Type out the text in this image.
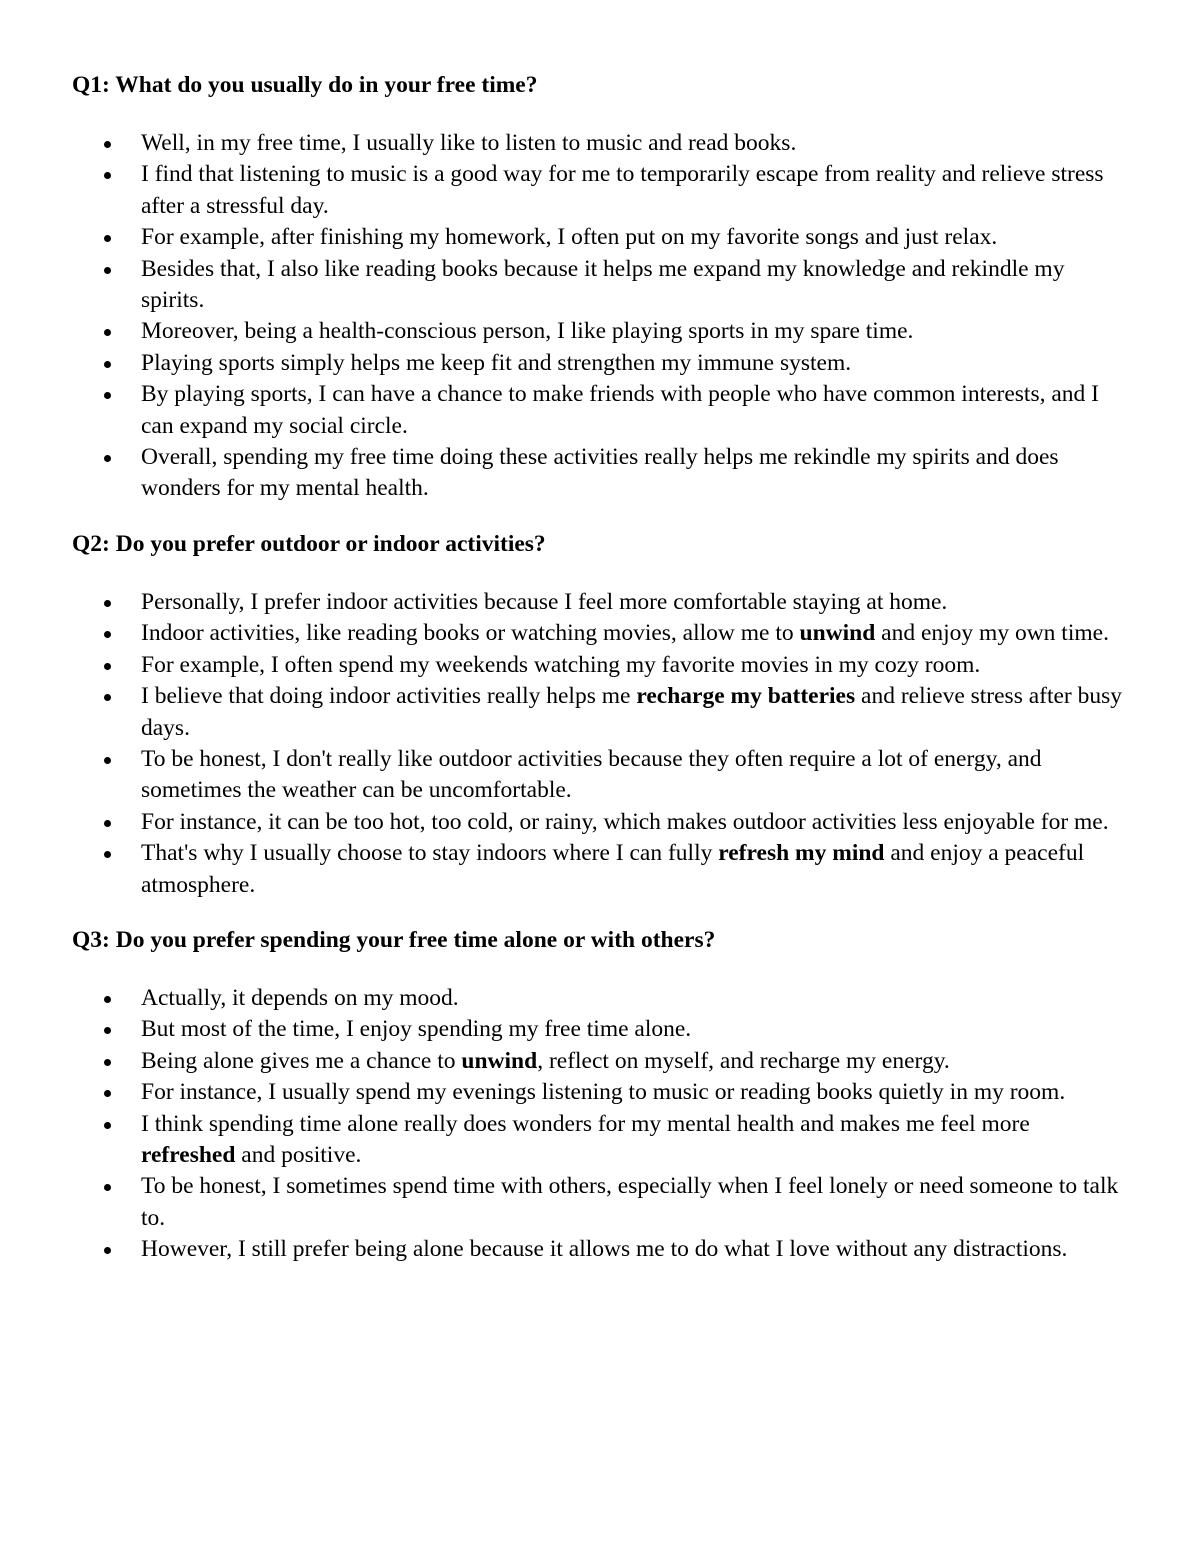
Q1: What do you usually do in your free time?

Well, in my free time, I usually like to listen to music and read books.
I find that listening to music is a good way for me to temporarily escape from reality and relieve stress after a stressful day.
For example, after finishing my homework, I often put on my favorite songs and just relax.
Besides that, I also like reading books because it helps me expand my knowledge and rekindle my spirits.
Moreover, being a health-conscious person, I like playing sports in my spare time.
Playing sports simply helps me keep fit and strengthen my immune system.
By playing sports, I can have a chance to make friends with people who have common interests, and I can expand my social circle.
Overall, spending my free time doing these activities really helps me rekindle my spirits and does wonders for my mental health.

Q2: Do you prefer outdoor or indoor activities?

Personally, I prefer indoor activities because I feel more comfortable staying at home.
Indoor activities, like reading books or watching movies, allow me to unwind and enjoy my own time.
For example, I often spend my weekends watching my favorite movies in my cozy room.
I believe that doing indoor activities really helps me recharge my batteries and relieve stress after busy days.
To be honest, I don't really like outdoor activities because they often require a lot of energy, and sometimes the weather can be uncomfortable.
For instance, it can be too hot, too cold, or rainy, which makes outdoor activities less enjoyable for me.
That's why I usually choose to stay indoors where I can fully refresh my mind and enjoy a peaceful atmosphere.

Q3: Do you prefer spending your free time alone or with others?

Actually, it depends on my mood.
But most of the time, I enjoy spending my free time alone.
Being alone gives me a chance to unwind, reflect on myself, and recharge my energy.
For instance, I usually spend my evenings listening to music or reading books quietly in my room.
I think spending time alone really does wonders for my mental health and makes me feel more refreshed and positive.
To be honest, I sometimes spend time with others, especially when I feel lonely or need someone to talk to.
However, I still prefer being alone because it allows me to do what I love without any distractions.
